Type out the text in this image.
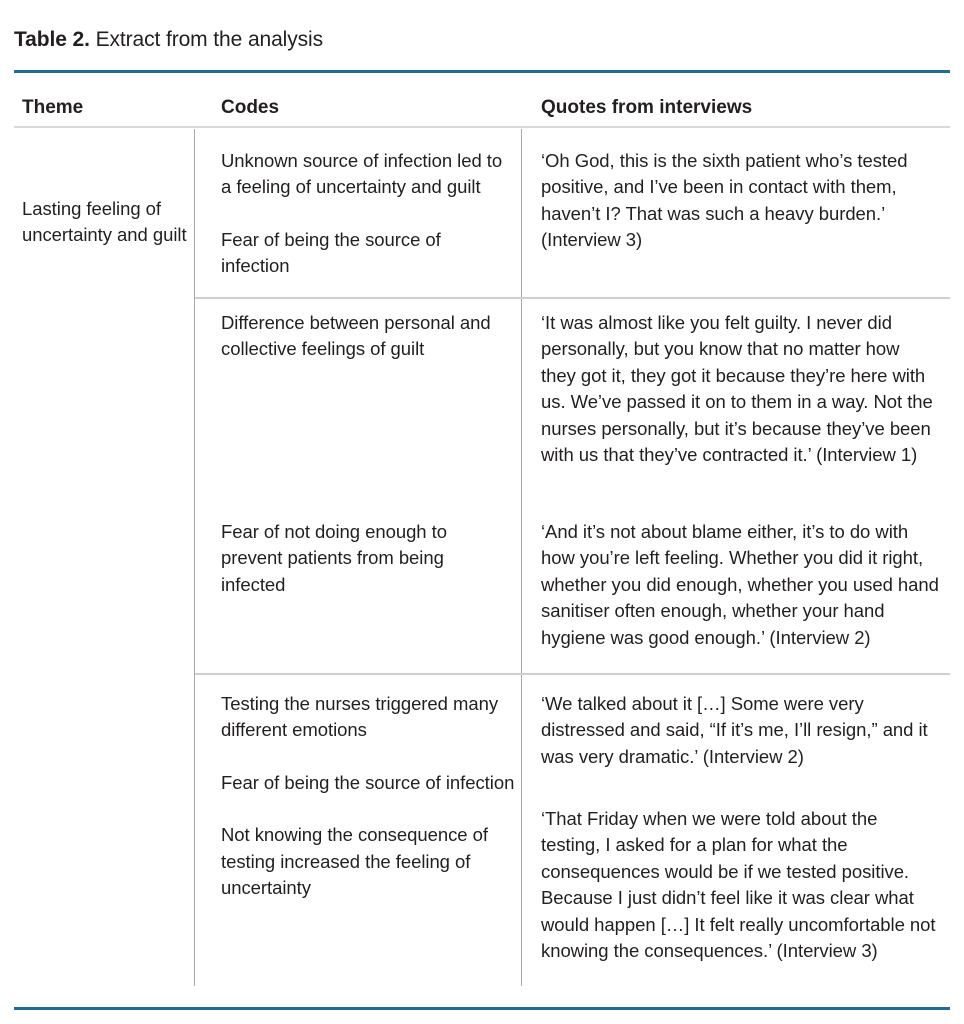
Table 2. Extract from the analysis
Theme	Codes	Quotes from interviews

Lasting feeling of uncertainty and guilt

Unknown source of infection led to a feeling of uncertainty and guilt

Fear of being the source of infection

‘Oh God, this is the sixth patient who’s tested positive, and I’ve been in contact with them, haven’t I? That was such a heavy burden.’ (Interview 3)

Difference between personal and collective feelings of guilt

Fear of not doing enough to prevent patients from being infected

‘It was almost like you felt guilty. I never did personally, but you know that no matter how they got it, they got it because they’re here with us. We’ve passed it on to them in a way. Not the nurses personally, but it’s because they’ve been with us that they’ve contracted it.’ (Interview 1)

‘And it’s not about blame either, it’s to do with how you’re left feeling. Whether you did it right, whether you did enough, whether you used hand sanitiser often enough, whether your hand hygiene was good enough.’ (Interview 2)

Testing the nurses triggered many different emotions

Fear of being the source of infection

Not knowing the consequence of testing increased the feeling of uncertainty

‘We talked about it […] Some were very distressed and said, “If it’s me, I’ll resign,” and it was very dramatic.’ (Interview 2)

‘That Friday when we were told about the testing, I asked for a plan for what the consequences would be if we tested positive. Because I just didn’t feel like it was clear what would happen […] It felt really uncomfortable not knowing the consequences.’ (Interview 3)
